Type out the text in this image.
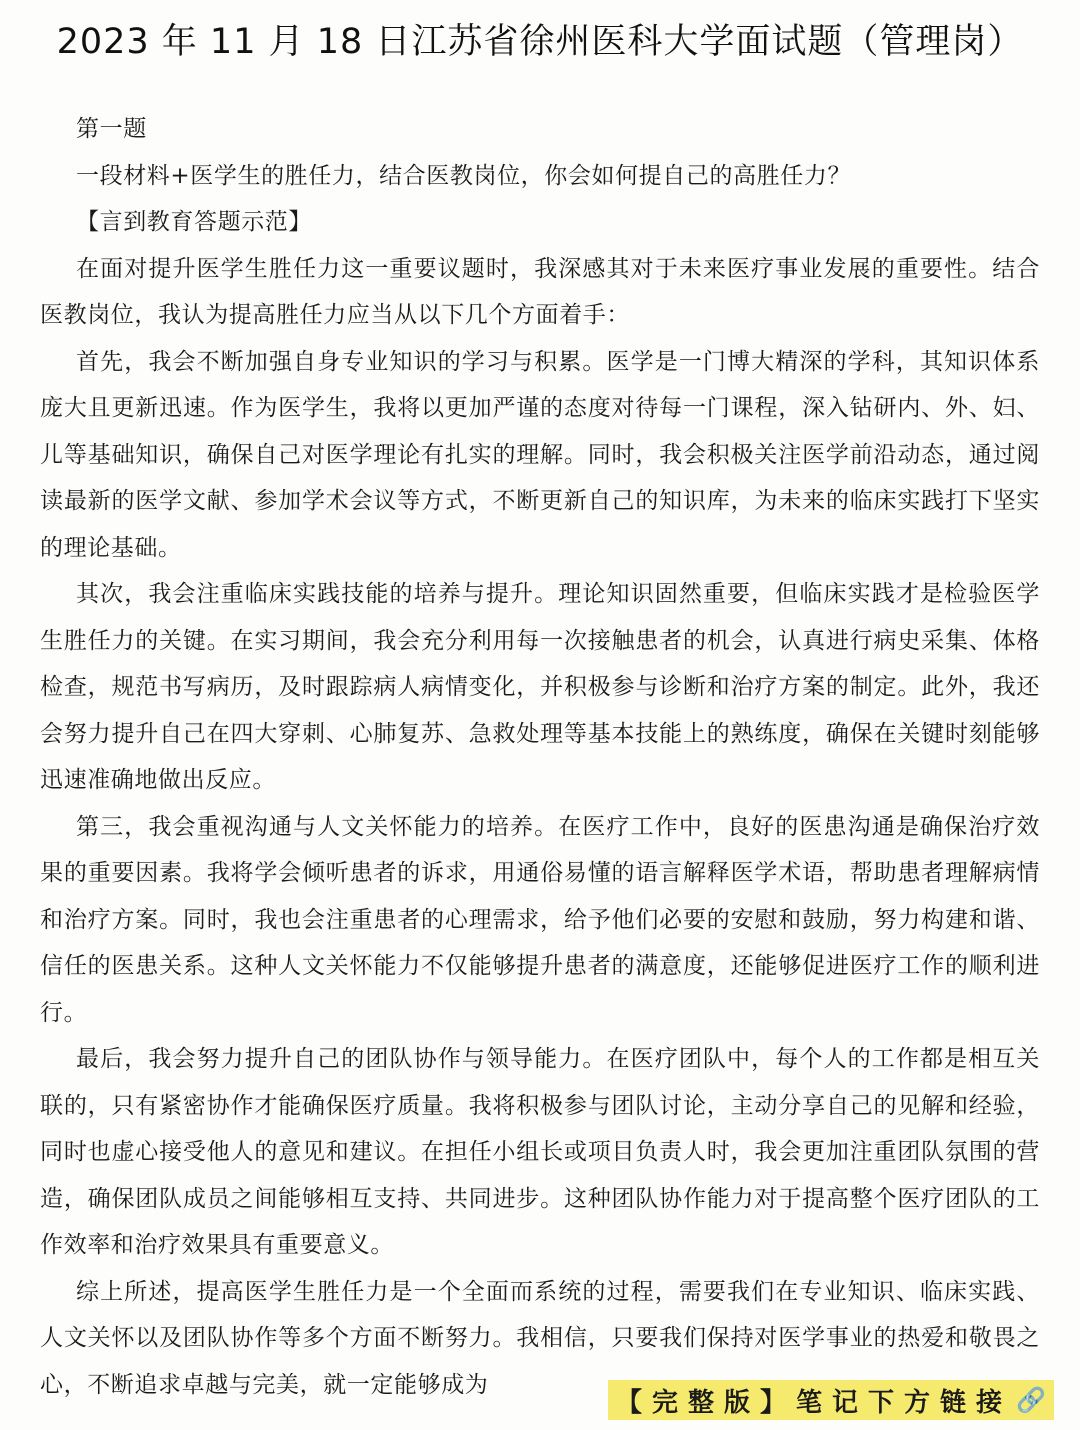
2023 年 11 月 18 日江苏省徐州医科大学面试题（管理岗）

第一题

一段材料+医学生的胜任力，结合医教岗位，你会如何提自己的高胜任力？

【言到教育答题示范】

在面对提升医学生胜任力这一重要议题时，我深感其对于未来医疗事业发展的重要性。结合医教岗位，我认为提高胜任力应当从以下几个方面着手：

首先，我会不断加强自身专业知识的学习与积累。医学是一门博大精深的学科，其知识体系庞大且更新迅速。作为医学生，我将以更加严谨的态度对待每一门课程，深入钻研内、外、妇、儿等基础知识，确保自己对医学理论有扎实的理解。同时，我会积极关注医学前沿动态，通过阅读最新的医学文献、参加学术会议等方式，不断更新自己的知识库，为未来的临床实践打下坚实的理论基础。

其次，我会注重临床实践技能的培养与提升。理论知识固然重要，但临床实践才是检验医学生胜任力的关键。在实习期间，我会充分利用每一次接触患者的机会，认真进行病史采集、体格检查，规范书写病历，及时跟踪病人病情变化，并积极参与诊断和治疗方案的制定。此外，我还会努力提升自己在四大穿刺、心肺复苏、急救处理等基本技能上的熟练度，确保在关键时刻能够迅速准确地做出反应。

第三，我会重视沟通与人文关怀能力的培养。在医疗工作中，良好的医患沟通是确保治疗效果的重要因素。我将学会倾听患者的诉求，用通俗易懂的语言解释医学术语，帮助患者理解病情和治疗方案。同时，我也会注重患者的心理需求，给予他们必要的安慰和鼓励，努力构建和谐、信任的医患关系。这种人文关怀能力不仅能够提升患者的满意度，还能够促进医疗工作的顺利进行。

最后，我会努力提升自己的团队协作与领导能力。在医疗团队中，每个人的工作都是相互关联的，只有紧密协作才能确保医疗质量。我将积极参与团队讨论，主动分享自己的见解和经验，同时也虚心接受他人的意见和建议。在担任小组长或项目负责人时，我会更加注重团队氛围的营造，确保团队成员之间能够相互支持、共同进步。这种团队协作能力对于提高整个医疗团队的工作效率和治疗效果具有重要意义。

综上所述，提高医学生胜任力是一个全面而系统的过程，需要我们在专业知识、临床实践、人文关怀以及团队协作等多个方面不断努力。我相信，只要我们保持对医学事业的热爱和敬畏之心，不断追求卓越与完美，就一定能够成为

【完整版】笔记下方链接 🔗
